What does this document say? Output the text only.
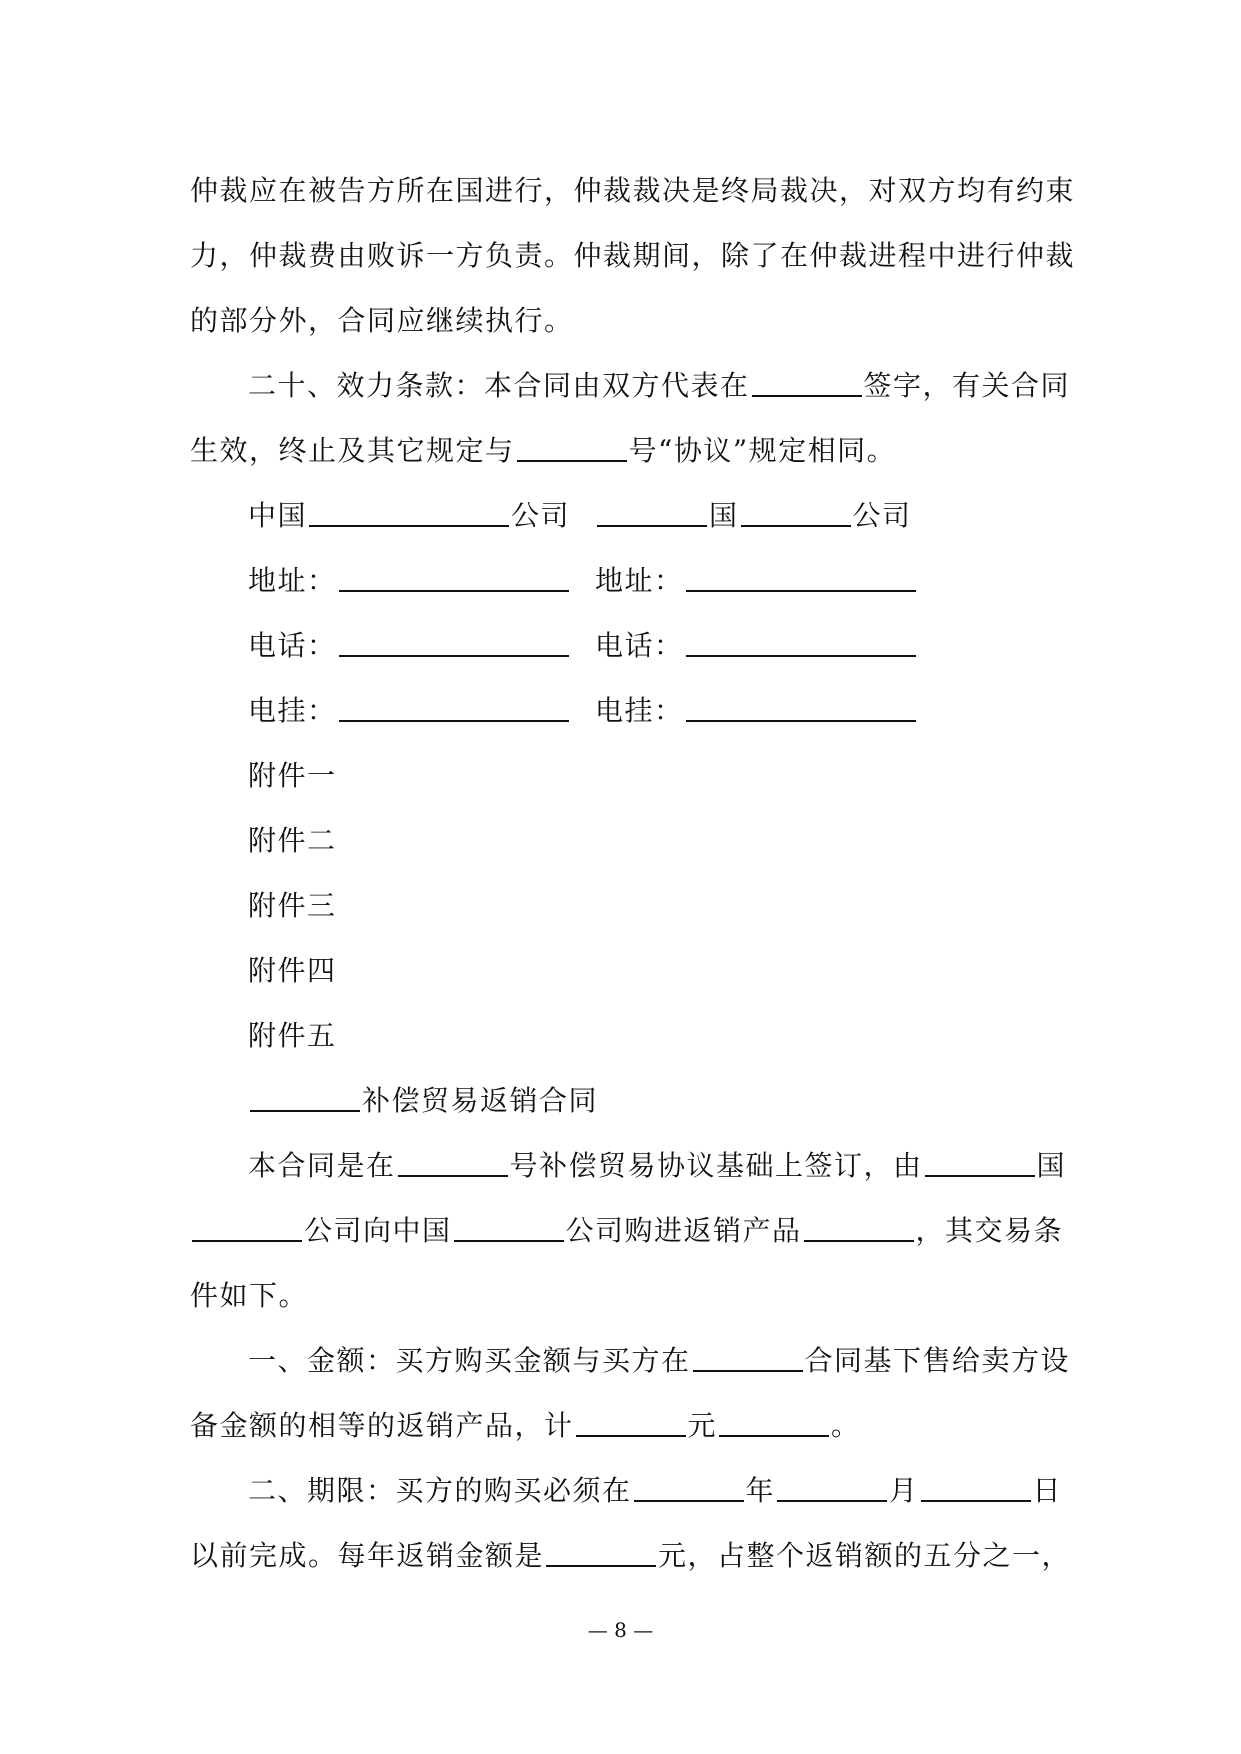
仲裁应在被告方所在国进行，仲裁裁决是终局裁决，对双方均有约束
力，仲裁费由败诉一方负责。仲裁期间，除了在仲裁进程中进行仲裁
的部分外，合同应继续执行。
二十、效力条款：本合同由双方代表在	签字，有关合同
生效，终止及其它规定与	号“协议”规定相同。
中国	公司	国	公司
地址：	地址：
电话：	电话：
电挂：	电挂：
附件一
附件二
附件三
附件四
附件五
补偿贸易返销合同
本合同是在	号补偿贸易协议基础上签订，由	国
公司向中国	公司购进返销产品	，其交易条
件如下。
一、金额：买方购买金额与买方在	合同基下售给卖方设
备金额的相等的返销产品，计	元	。
二、期限：买方的购买必须在	年	月	日
以前完成。每年返销金额是	元，占整个返销额的五分之一，
— 8 —
